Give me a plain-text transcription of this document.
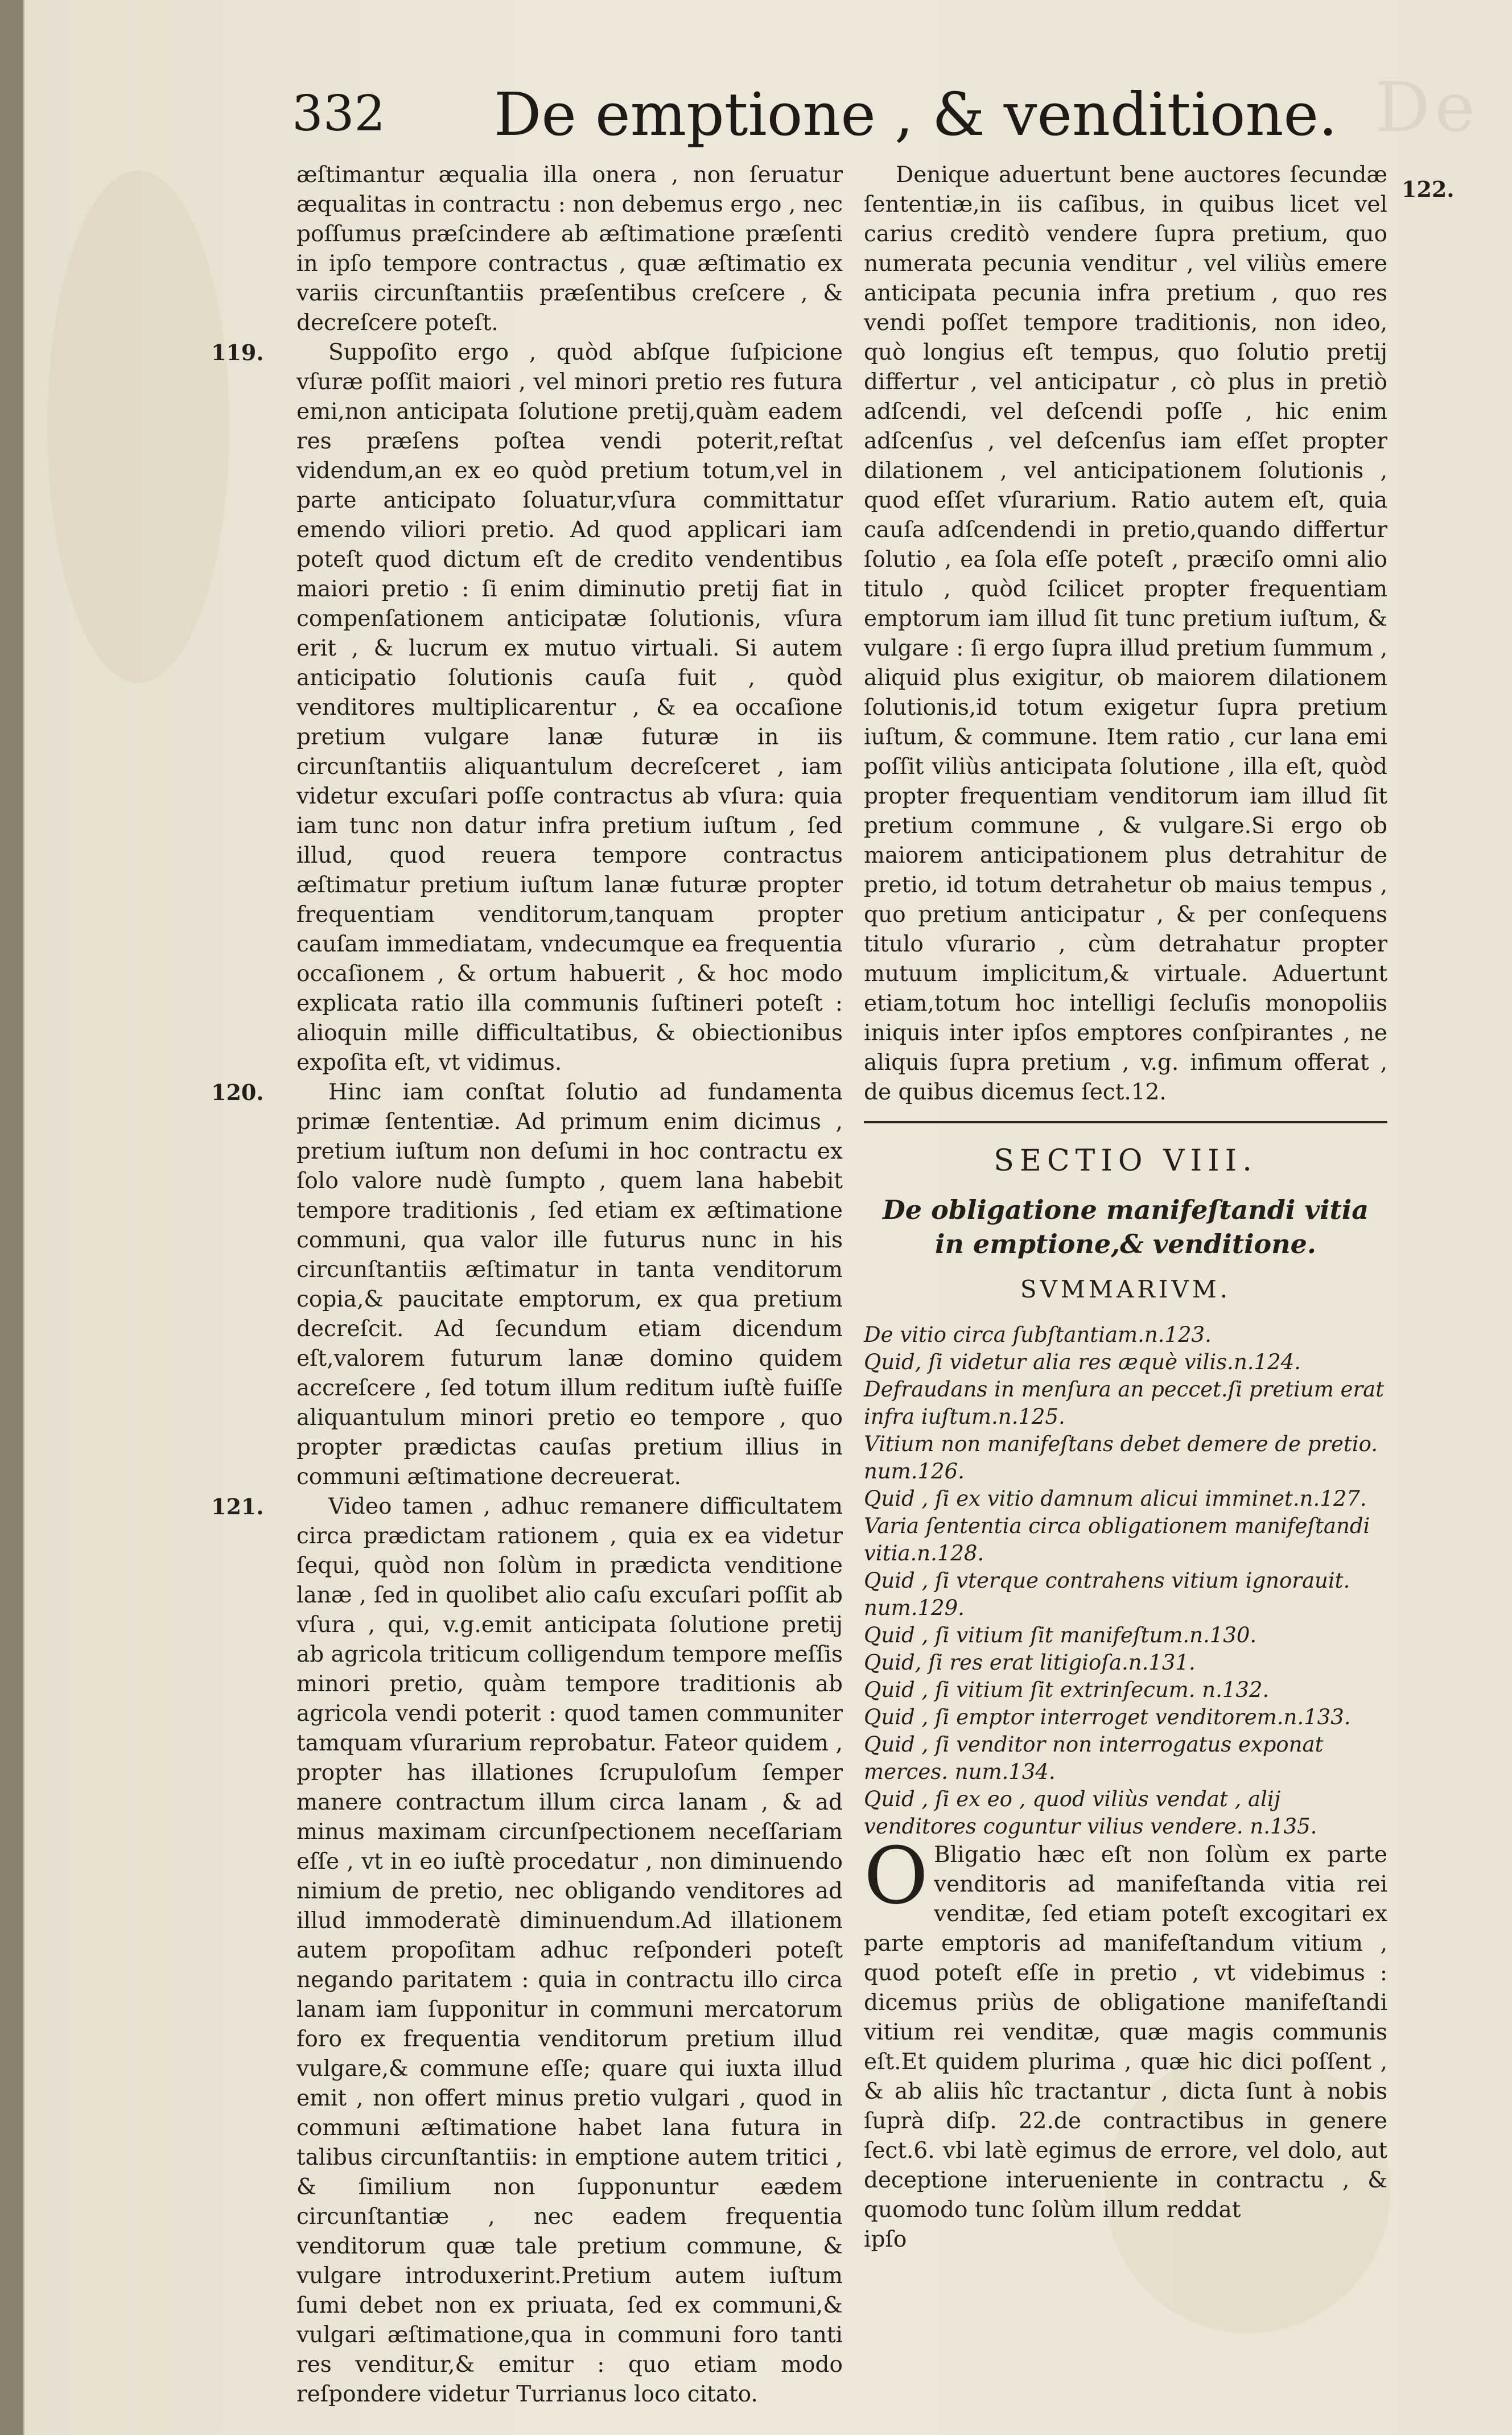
De
332 De emptione , & venditione.
122.

æſtimantur æqualia illa onera , non ſeruatur æqualitas in contractu : non debemus ergo , nec poſſumus præſcindere ab æſtimatione præſenti in ipſo tempore contractus , quæ æſtimatio ex variis circunſtantiis præſentibus creſcere , & decreſcere poteſt.

119.	Suppoſito ergo , quòd abſque ſuſpicione vſuræ poſſit maiori , vel minori pretio res futura emi,non anticipata ſolutione pretij,quàm eadem res præſens poſtea vendi poterit,reſtat videndum,an ex eo quòd pretium totum,vel in parte anticipato ſoluatur,vſura committatur emendo viliori pretio. Ad quod applicari iam poteſt quod dictum eſt de credito vendentibus maiori pretio : ſi enim diminutio pretij fiat in compenſationem anticipatæ ſolutionis, vſura erit , & lucrum ex mutuo virtuali. Si autem anticipatio ſolutionis cauſa fuit , quòd venditores multiplicarentur , & ea occaſione pretium vulgare lanæ futuræ in iis circunſtantiis aliquantulum decreſceret , iam videtur excuſari poſſe contractus ab vſura: quia iam tunc non datur infra pretium iuſtum , ſed illud, quod reuera tempore contractus æſtimatur pretium iuſtum lanæ futuræ propter frequentiam venditorum,tanquam propter cauſam immediatam, vndecumque ea frequentia occaſionem , & ortum habuerit , & hoc modo explicata ratio illa communis ſuſtineri poteſt : alioquin mille difficultatibus, & obiectionibus expoſita eſt, vt vidimus.

120.	Hinc iam conſtat ſolutio ad fundamenta primæ ſententiæ. Ad primum enim dicimus , pretium iuſtum non deſumi in hoc contractu ex ſolo valore nudè ſumpto , quem lana habebit tempore traditionis , ſed etiam ex æſtimatione communi, qua valor ille futurus nunc in his circunſtantiis æſtimatur in tanta venditorum copia,& paucitate emptorum, ex qua pretium decreſcit. Ad ſecundum etiam dicendum eſt,valorem futurum lanæ domino quidem accreſcere , ſed totum illum reditum iuſtè fuiſſe aliquantulum minori pretio eo tempore , quo propter prædictas cauſas pretium illius in communi æſtimatione decreuerat.

121.	Video tamen , adhuc remanere difficultatem circa prædictam rationem , quia ex ea videtur ſequi, quòd non ſolùm in prædicta venditione lanæ , ſed in quolibet alio caſu excuſari poſſit ab vſura , qui, v.g.emit anticipata ſolutione pretij ab agricola triticum colligendum tempore meſſis minori pretio, quàm tempore traditionis ab agricola vendi poterit : quod tamen communiter tamquam vſurarium reprobatur. Fateor quidem , propter has illationes ſcrupuloſum ſemper manere contractum illum circa lanam , & ad minus maximam circunſpectionem neceſſariam eſſe , vt in eo iuſtè procedatur , non diminuendo nimium de pretio, nec obligando venditores ad illud immoderatè diminuendum.Ad illationem autem propoſitam adhuc reſponderi poteſt negando paritatem : quia in contractu illo circa lanam iam ſupponitur in communi mercatorum foro ex frequentia venditorum pretium illud vulgare,& commune eſſe; quare qui iuxta illud emit , non offert minus pretio vulgari , quod in communi æſtimatione habet lana futura in talibus circunſtantiis: in emptione autem tritici , & ſimilium non ſupponuntur eædem circunſtantiæ , nec eadem frequentia venditorum quæ tale pretium commune, & vulgare introduxerint.Pretium autem iuſtum ſumi debet non ex priuata, ſed ex communi,& vulgari æſtimatione,qua in communi foro tanti res venditur,& emitur : quo etiam modo reſpondere videtur Turrianus loco citato.

Denique aduertunt bene auctores ſecundæ ſententiæ,in iis caſibus, in quibus licet vel carius creditò vendere ſupra pretium, quo numerata pecunia venditur , vel viliùs emere anticipata pecunia infra pretium , quo res vendi poſſet tempore traditionis, non ideo, quò longius eſt tempus, quo ſolutio pretij differtur , vel anticipatur , cò plus in pretiò adſcendi, vel deſcendi poſſe , hic enim adſcenſus , vel deſcenſus iam eſſet propter dilationem , vel anticipationem ſolutionis , quod eſſet vſurarium. Ratio autem eſt, quia cauſa adſcendendi in pretio,quando differtur ſolutio , ea ſola eſſe poteſt , præciſo omni alio titulo , quòd ſcilicet propter frequentiam emptorum iam illud ſit tunc pretium iuſtum, & vulgare : ſi ergo ſupra illud pretium ſummum , aliquid plus exigitur, ob maiorem dilationem ſolutionis,id totum exigetur ſupra pretium iuſtum, & commune. Item ratio , cur lana emi poſſit viliùs anticipata ſolutione , illa eſt, quòd propter frequentiam venditorum iam illud ſit pretium commune , & vulgare.Si ergo ob maiorem anticipationem plus detrahitur de pretio, id totum detrahetur ob maius tempus , quo pretium anticipatur , & per conſequens titulo vſurario , cùm detrahatur propter mutuum implicitum,& virtuale. Aduertunt etiam,totum hoc intelligi ſecluſis monopoliis iniquis inter ipſos emptores conſpirantes , ne aliquis ſupra pretium , v.g. infimum offerat , de quibus dicemus ſect.12.

SECTIO VIII.
De obligatione manifeſtandi vitia in emptione,& venditione.
SVMMARIVM.
De vitio circa ſubſtantiam.n.123.
Quid, ſi videtur alia res æquè vilis.n.124.
Defraudans in menſura an peccet.ſi pretium erat infra iuſtum.n.125.
Vitium non manifeſtans debet demere de pretio. num.126.
Quid , ſi ex vitio damnum alicui imminet.n.127.
Varia ſententia circa obligationem manifeſtandi vitia.n.128.
Quid , ſi vterque contrahens vitium ignorauit. num.129.
Quid , ſi vitium ſit manifeſtum.n.130.
Quid, ſi res erat litigioſa.n.131.
Quid , ſi vitium ſit extrinſecum. n.132.
Quid , ſi emptor interroget venditorem.n.133.
Quid , ſi venditor non interrogatus exponat merces. num.134.
Quid , ſi ex eo , quod viliùs vendat , alij venditores coguntur vilius vendere. n.135.

O Bligatio hæc eſt non ſolùm ex parte venditoris ad manifeſtanda vitia rei venditæ, ſed etiam poteſt excogitari ex parte emptoris ad manifeſtandum vitium , quod poteſt eſſe in pretio , vt videbimus : dicemus priùs de obligatione manifeſtandi vitium rei venditæ, quæ magis communis eſt.Et quidem plurima , quæ hic dici poſſent , & ab aliis hîc tractantur , dicta ſunt à nobis ſuprà diſp. 22.de contractibus in genere ſect.6. vbi latè egimus de errore, vel dolo, aut deceptione interueniente in contractu , & quomodo tunc ſolùm illum reddat

ipſo
